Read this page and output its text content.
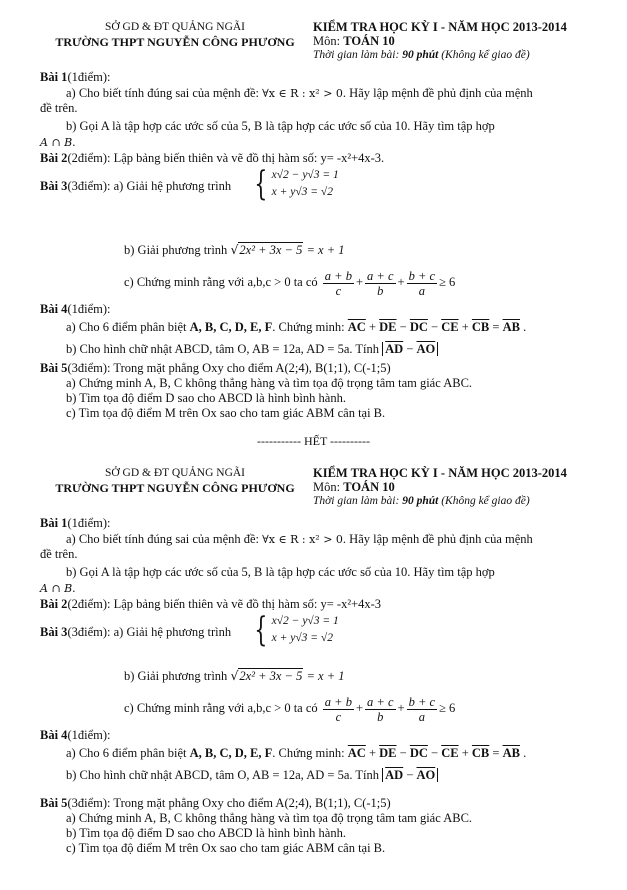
SỞ GD & ĐT QUẢNG NGÃI
TRƯỜNG THPT NGUYỄN CÔNG PHƯƠNG
KIỂM TRA HỌC KỲ I - NĂM HỌC 2013-2014
Môn: TOÁN 10
Thời gian làm bài: 90 phút (Không kể giao đề)
Bài 1(1điểm):
a) Cho biết tính đúng sai của mệnh đề: ∀x ∈ R : x² > 0. Hãy lập mệnh đề phủ định của mệnh
đề trên.
b) Gọi A là tập hợp các ước số của 5, B là tập hợp các ước số của 10. Hãy tìm tập hợp
A ∩ B.
Bài 2(2điểm): Lập bảng biến thiên và vẽ đồ thị hàm số: y= -x²+4x-3.
Bài 3(3điểm): a) Giải hệ phương trình { x√2 − y√3 = 1
x + y√3 = √2
b) Giải phương trình √2x² + 3x − 5 = x + 1
c) Chứng minh rằng với a,b,c > 0 ta có $\frac{a + b}{c} + \frac{a + c}{b} + \frac{b + c}{a} \ge 6$
Bài 4(1điểm):
a) Cho 6 điểm phân biệt A, B, C, D, E, F. Chứng minh: $\overline{AC} + \overline{DE} - \overline{DC} - \overline{CE} + \overline{CB} = \overline{AB}$ .
b) Cho hình chữ nhật ABCD, tâm O, AB = 12a, AD = 5a. Tính $\overline{AD} - \overline{AO}$
Bài 5(3điểm): Trong mặt phẳng Oxy cho điểm A(2;4), B(1;1), C(-1;5)
a) Chứng minh A, B, C không thẳng hàng và tìm tọa độ trọng tâm tam giác ABC.
b) Tìm tọa độ điểm D sao cho ABCD là hình bình hành.
c) Tìm tọa độ điểm M trên Ox sao cho tam giác ABM cân tại B.
----------- HẾT ----------
SỞ GD & ĐT QUẢNG NGÃI
TRƯỜNG THPT NGUYỄN CÔNG PHƯƠNG
KIỂM TRA HỌC KỲ I - NĂM HỌC 2013-2014
Môn: TOÁN 10
Thời gian làm bài: 90 phút (Không kể giao đề)
Bài 1(1điểm):
a) Cho biết tính đúng sai của mệnh đề: ∀x ∈ R : x² > 0. Hãy lập mệnh đề phủ định của mệnh
đề trên.
b) Gọi A là tập hợp các ước số của 5, B là tập hợp các ước số của 10. Hãy tìm tập hợp
A ∩ B.
Bài 2(2điểm): Lập bảng biến thiên và vẽ đồ thị hàm số: y= -x²+4x-3
Bài 3(3điểm): a) Giải hệ phương trình { x√2 − y√3 = 1
x + y√3 = √2
b) Giải phương trình √2x² + 3x − 5 = x + 1
c) Chứng minh rằng với a,b,c > 0 ta có $\frac{a + b}{c} + \frac{a + c}{b} + \frac{b + c}{a} \ge 6$
Bài 4(1điểm):
a) Cho 6 điểm phân biệt A, B, C, D, E, F. Chứng minh: $\overline{AC} + \overline{DE} - \overline{DC} - \overline{CE} + \overline{CB} = \overline{AB}$ .
b) Cho hình chữ nhật ABCD, tâm O, AB = 12a, AD = 5a. Tính $\overline{AD} - \overline{AO}$
Bài 5(3điểm): Trong mặt phẳng Oxy cho điểm A(2;4), B(1;1), C(-1;5)
a) Chứng minh A, B, C không thẳng hàng và tìm tọa độ trọng tâm tam giác ABC.
b) Tìm tọa độ điểm D sao cho ABCD là hình bình hành.
c) Tìm tọa độ điểm M trên Ox sao cho tam giác ABM cân tại B.
